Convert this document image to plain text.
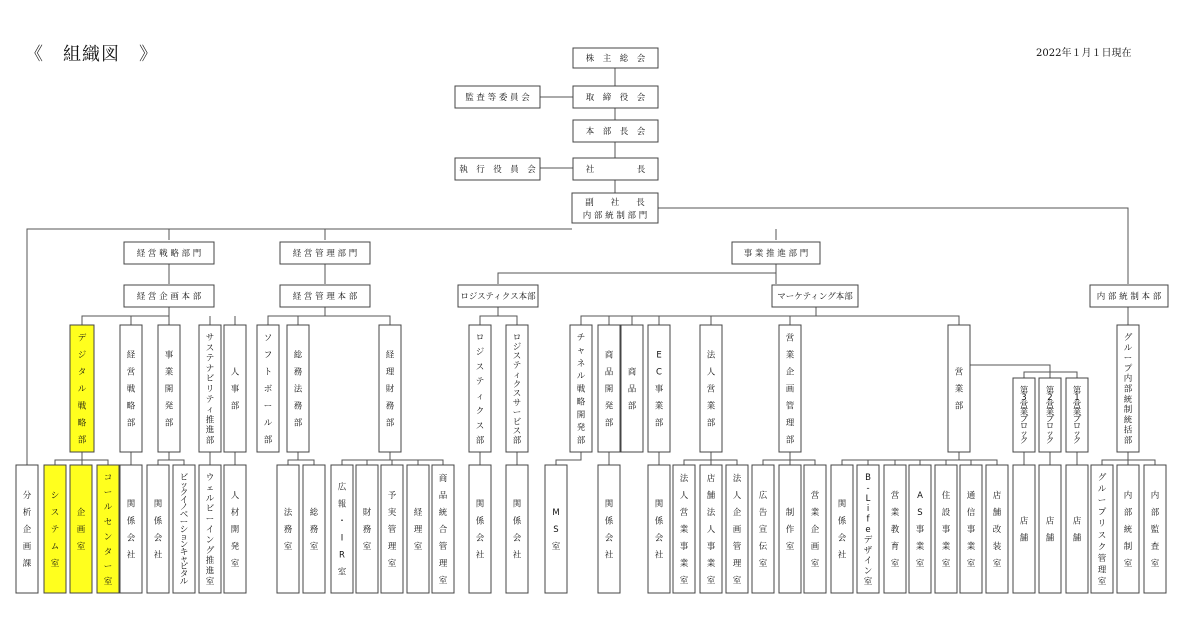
《　組織図　》	2022年１月１日現在
株　主　総　会
監 査 等 委 員 会	取　締　役　会
本　部　長　会
執　行　役　員　会	社　　　　　長
副　　社　　長
内 部 統 制 部 門
経 営 戦 略 部 門	経 営 管 理 部 門	事 業 推 進 部 門
経 営 企 画 本 部	経 営 管 理 本 部	ロジスティクス本部	マーケティング本部	内 部 統 制 本 部
デ
ジ
タ
ル
戦
略
部
経
営
戦
略
部
事
業
開
発
部
サ
ス
テ
ナ
ビ
リ
テ
ィ
推
進
部
人
事
部
ソ
フ
ト
ボ
ー
ル
部
総
務
法
務
部
経
理
財
務
部
ロ
ジ
ス
テ
ィ
ク
ス
部
ロ
ジ
ス
テ
ィ
ク
ス
サ
ー
ビ
ス
部
チ
ャ
ネ
ル
戦
略
開
発
部
商
品
開
発
部
商
品
部
E
C
事
業
部
法
人
営
業
部
営
業
企
画
管
理
部
営
業
部
第
3
営
業
ブ
ロ
ッ
ク
第
2
営
業
ブ
ロ
ッ
ク
第
1
営
業
ブ
ロ
ッ
ク
グ
ル
ー
プ
内
部
統
制
統
括
部
分
析
企
画
課
シ
ス
テ
ム
室
企
画
室
コ
ー
ル
セ
ン
タ
ー
室
関
係
会
社
関
係
会
社
ビ
ッ
ク
イ
ノ
ベ
ー
シ
ョ
ン
キ
ャ
ピ
タ
ル
ウ
ェ
ル
ビ
ー
イ
ン
グ
推
進
室
人
材
開
発
室
法
務
室
総
務
室
広
報
・
I
R
室
財
務
室
予
実
管
理
室
経
理
室
商
品
統
合
管
理
室
関
係
会
社
関
係
会
社
M
S
室
関
係
会
社
関
係
会
社
法
人
営
業
事
業
室
店
舗
法
人
事
業
室
法
人
企
画
管
理
室
広
告
宣
伝
室
制
作
室
営
業
企
画
室
関
係
会
社
B
-
L
i
f
e
デ
ザ
イ
ン
室
営
業
教
育
室
A
S
事
業
室
住
設
事
業
室
通
信
事
業
室
店
舗
改
装
室
店
舗
店
舗
店
舗
グ
ル
ー
プ
リ
ス
ク
管
理
室
内
部
統
制
室
内
部
監
査
室
